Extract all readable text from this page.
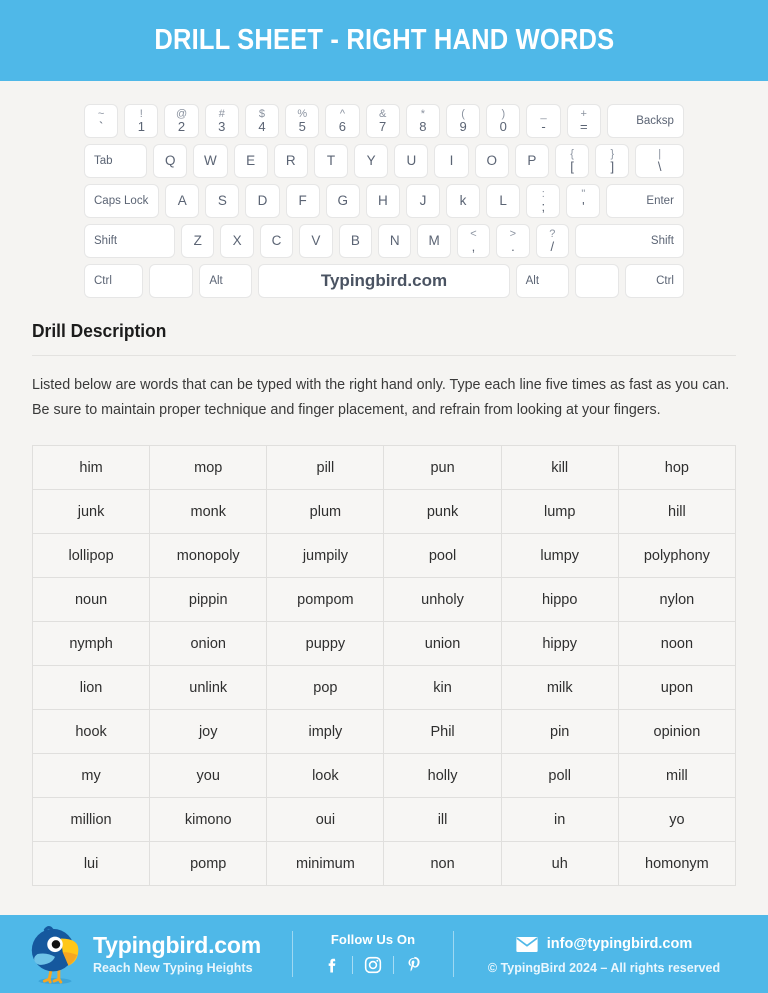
DRILL SHEET - RIGHT HAND WORDS
~
`
!
1
@
2
#
3
$
4
%
5
^
6
&
7
*
8
(
9
)
0
_
-
+
=	Backsp
Tab	Q W E R T Y U I O P	{
[
}
]
|
\
Caps Lock A S D F G H J k L	:
;
"
'	Enter
Shift	Z X C V B N M	<
,
>
.
?
/	Shift
Ctrl	Alt	Typingbird.com	Alt	Ctrl
Drill Description
Listed below are words that can be typed with the right hand only. Type each line five times as fast as you can. Be sure to maintain proper technique and finger placement, and refrain from looking at your fingers.
him	mop	pill	pun	kill	hop
junk	monk	plum	punk	lump	hill
lollipop	monopoly	jumpily	pool	lumpy	polyphony
noun	pippin	pompom	unholy	hippo	nylon
nymph	onion	puppy	union	hippy	noon
lion	unlink	pop	kin	milk	upon
hook	joy	imply	Phil	pin	opinion
my	you	look	holly	poll	mill
million	kimono	oui	ill	in	yo
lui	pomp	minimum	non	uh	homonym
Typingbird.com
Reach New Typing Heights
Follow Us On	info@typingbird.com
© TypingBird 2024 – All rights reserved
